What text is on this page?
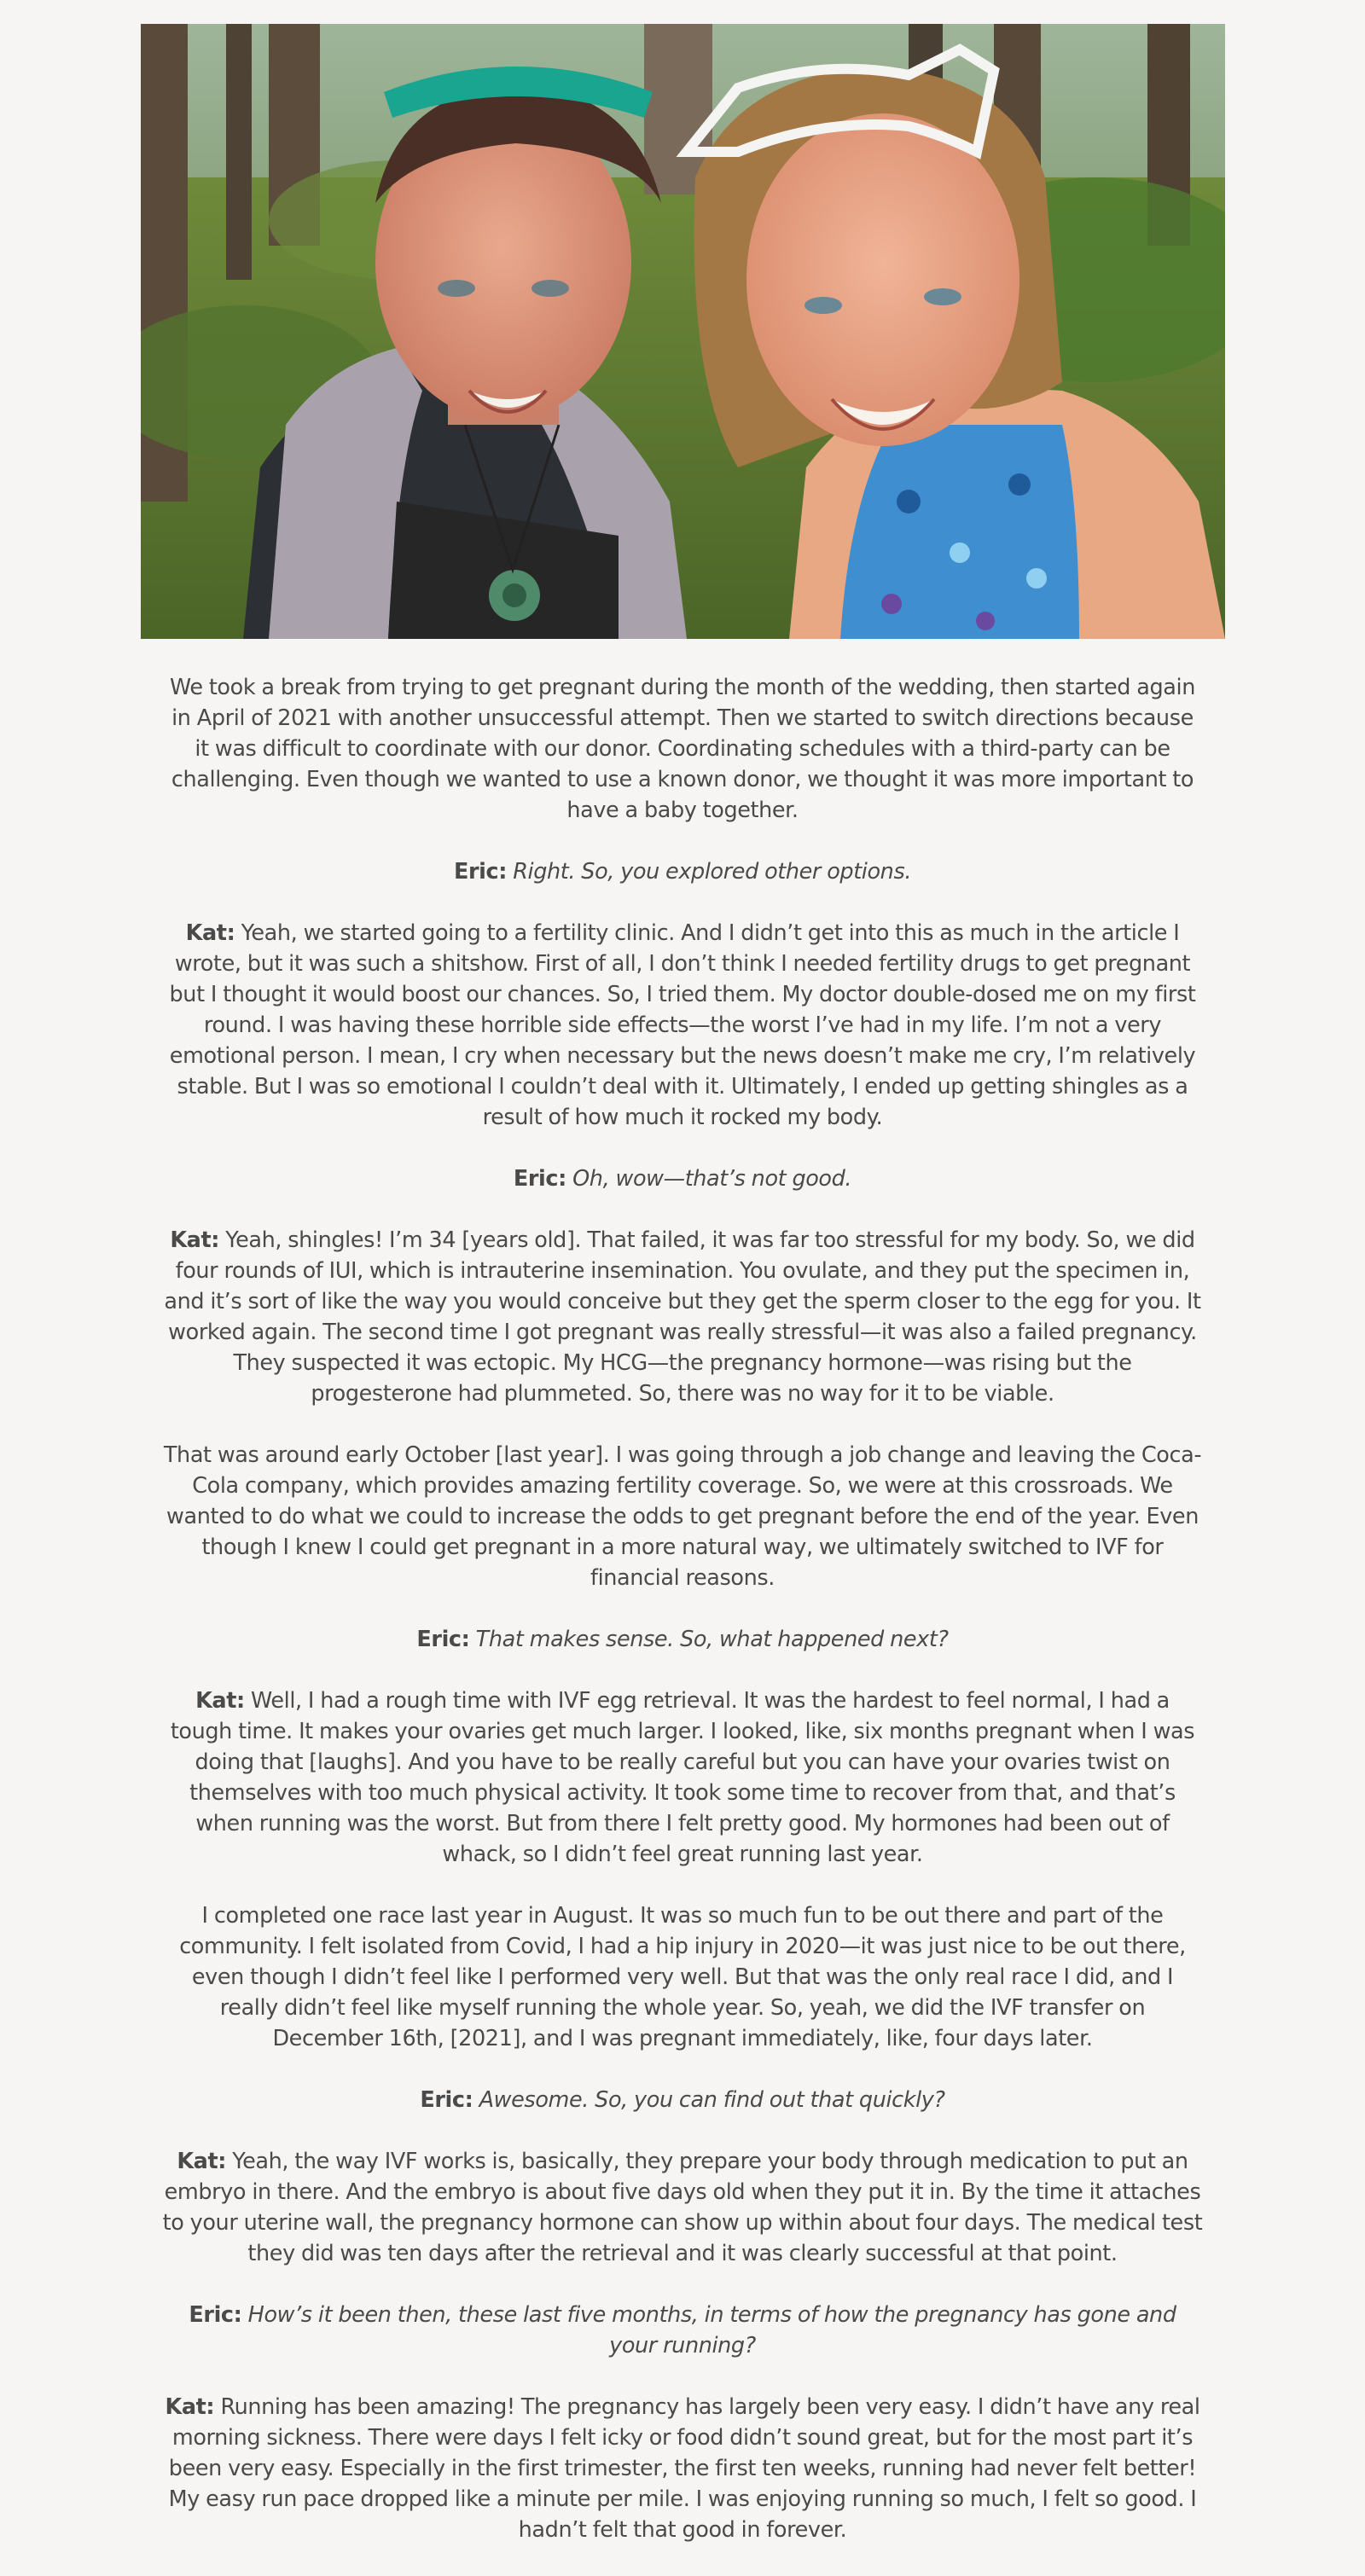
We took a break from trying to get pregnant during the month of the wedding, then started again in April of 2021 with another unsuccessful attempt. Then we started to switch directions because it was difficult to coordinate with our donor. Coordinating schedules with a third-party can be challenging. Even though we wanted to use a known donor, we thought it was more important to have a baby together.

Eric: Right. So, you explored other options.

Kat: Yeah, we started going to a fertility clinic. And I didn’t get into this as much in the article I wrote, but it was such a shitshow. First of all, I don’t think I needed fertility drugs to get pregnant but I thought it would boost our chances. So, I tried them. My doctor double-dosed me on my first round. I was having these horrible side effects—the worst I’ve had in my life. I’m not a very emotional person. I mean, I cry when necessary but the news doesn’t make me cry, I’m relatively stable. But I was so emotional I couldn’t deal with it. Ultimately, I ended up getting shingles as a result of how much it rocked my body.

Eric: Oh, wow—that’s not good.

Kat: Yeah, shingles! I’m 34 [years old]. That failed, it was far too stressful for my body. So, we did four rounds of IUI, which is intrauterine insemination. You ovulate, and they put the specimen in, and it’s sort of like the way you would conceive but they get the sperm closer to the egg for you. It worked again. The second time I got pregnant was really stressful—it was also a failed pregnancy. They suspected it was ectopic. My HCG—the pregnancy hormone—was rising but the progesterone had plummeted. So, there was no way for it to be viable.

That was around early October [last year]. I was going through a job change and leaving the Coca-Cola company, which provides amazing fertility coverage. So, we were at this crossroads. We wanted to do what we could to increase the odds to get pregnant before the end of the year. Even though I knew I could get pregnant in a more natural way, we ultimately switched to IVF for financial reasons.

Eric: That makes sense. So, what happened next?

Kat: Well, I had a rough time with IVF egg retrieval. It was the hardest to feel normal, I had a tough time. It makes your ovaries get much larger. I looked, like, six months pregnant when I was doing that [laughs]. And you have to be really careful but you can have your ovaries twist on themselves with too much physical activity. It took some time to recover from that, and that’s when running was the worst. But from there I felt pretty good. My hormones had been out of whack, so I didn’t feel great running last year.

I completed one race last year in August. It was so much fun to be out there and part of the community. I felt isolated from Covid, I had a hip injury in 2020—it was just nice to be out there, even though I didn’t feel like I performed very well. But that was the only real race I did, and I really didn’t feel like myself running the whole year. So, yeah, we did the IVF transfer on December 16th, [2021], and I was pregnant immediately, like, four days later.

Eric: Awesome. So, you can find out that quickly?

Kat: Yeah, the way IVF works is, basically, they prepare your body through medication to put an embryo in there. And the embryo is about five days old when they put it in. By the time it attaches to your uterine wall, the pregnancy hormone can show up within about four days. The medical test they did was ten days after the retrieval and it was clearly successful at that point.

Eric: How’s it been then, these last five months, in terms of how the pregnancy has gone and your running?

Kat: Running has been amazing! The pregnancy has largely been very easy. I didn’t have any real morning sickness. There were days I felt icky or food didn’t sound great, but for the most part it’s been very easy. Especially in the first trimester, the first ten weeks, running had never felt better! My easy run pace dropped like a minute per mile. I was enjoying running so much, I felt so good. I hadn’t felt that good in forever.
